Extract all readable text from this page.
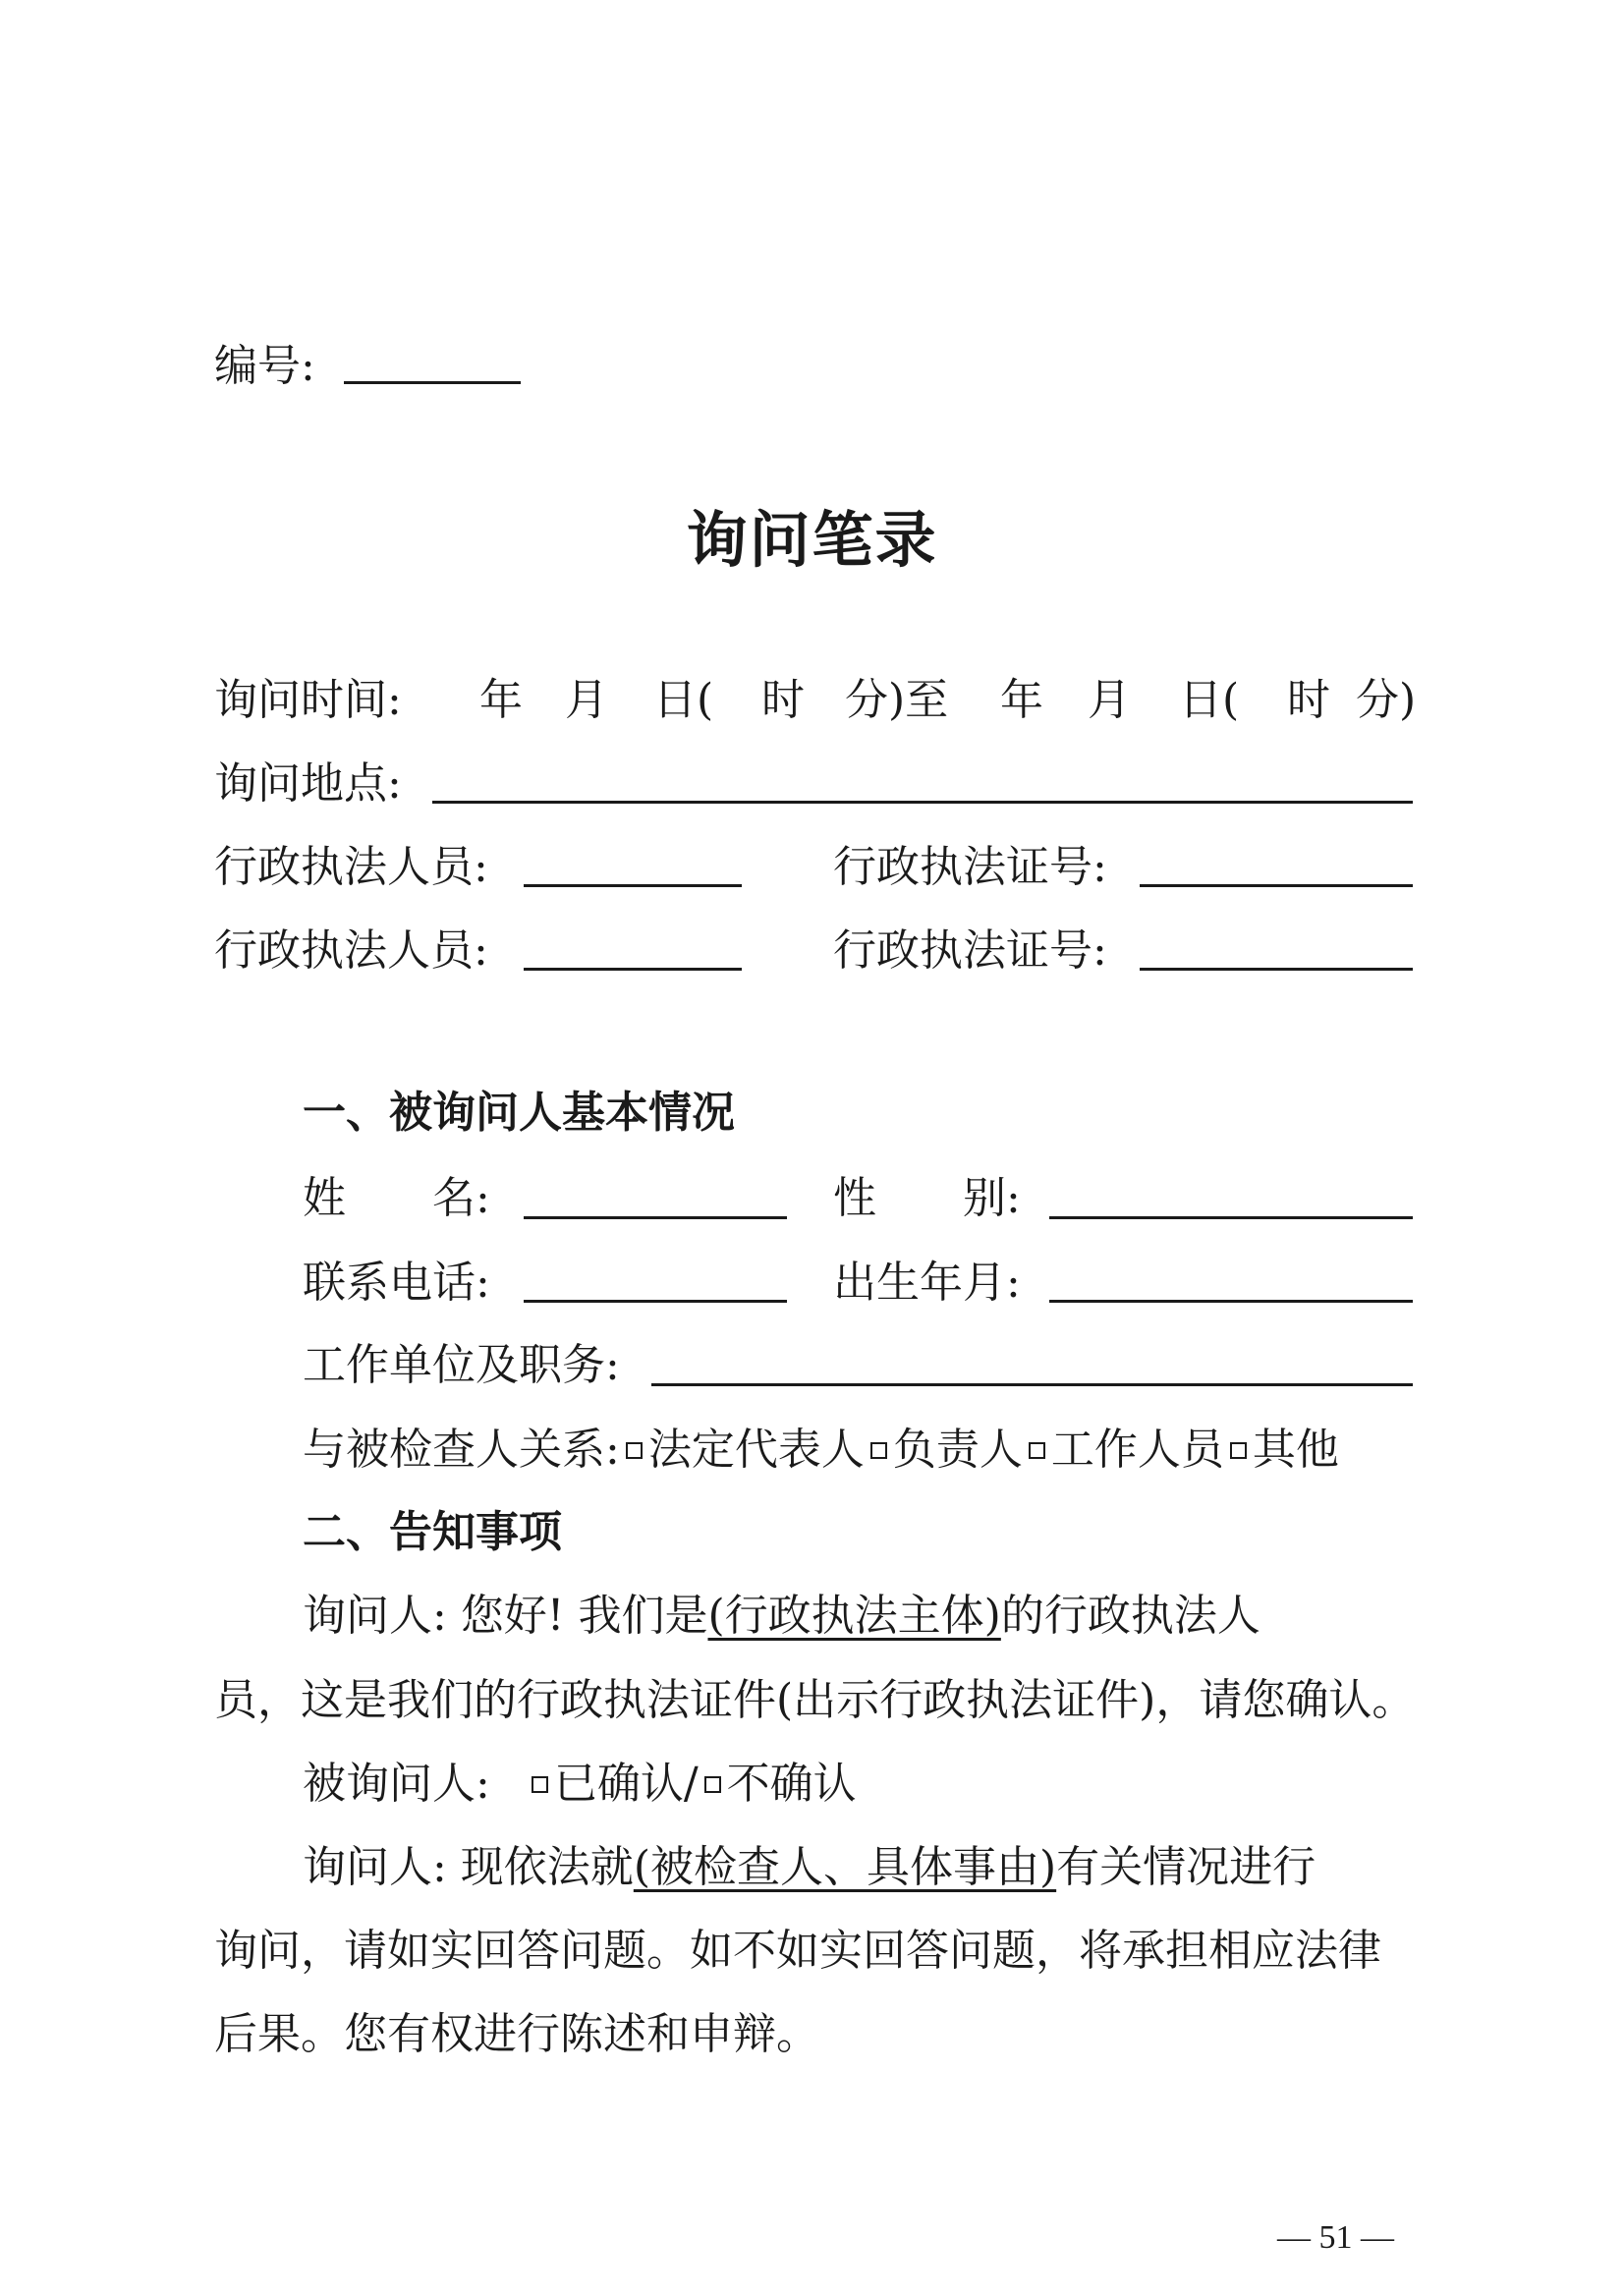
编号:
询问笔录
询问时间: 年 月 日( 时 分)至 年 月 日( 时 分)
询问地点:
行政执法人员:	行政执法证号:
行政执法人员:	行政执法证号:
一、被询问人基本情况
姓　　名:	性　　别:
联系电话:	出生年月:
工作单位及职务:
与被检查人关系: 法定代表人 负责人 工作人员 其他
二、告知事项
询问人: 您好! 我们是(行政执法主体)的行政执法人
员，这是我们的行政执法证件(出示行政执法证件)，请您确认。
被询问人: 已确认/ 不确认
询问人: 现依法就(被检查人、具体事由)有关情况进行
询问，请如实回答问题。如不如实回答问题，将承担相应法律
后果。您有权进行陈述和申辩。
— 51 —
